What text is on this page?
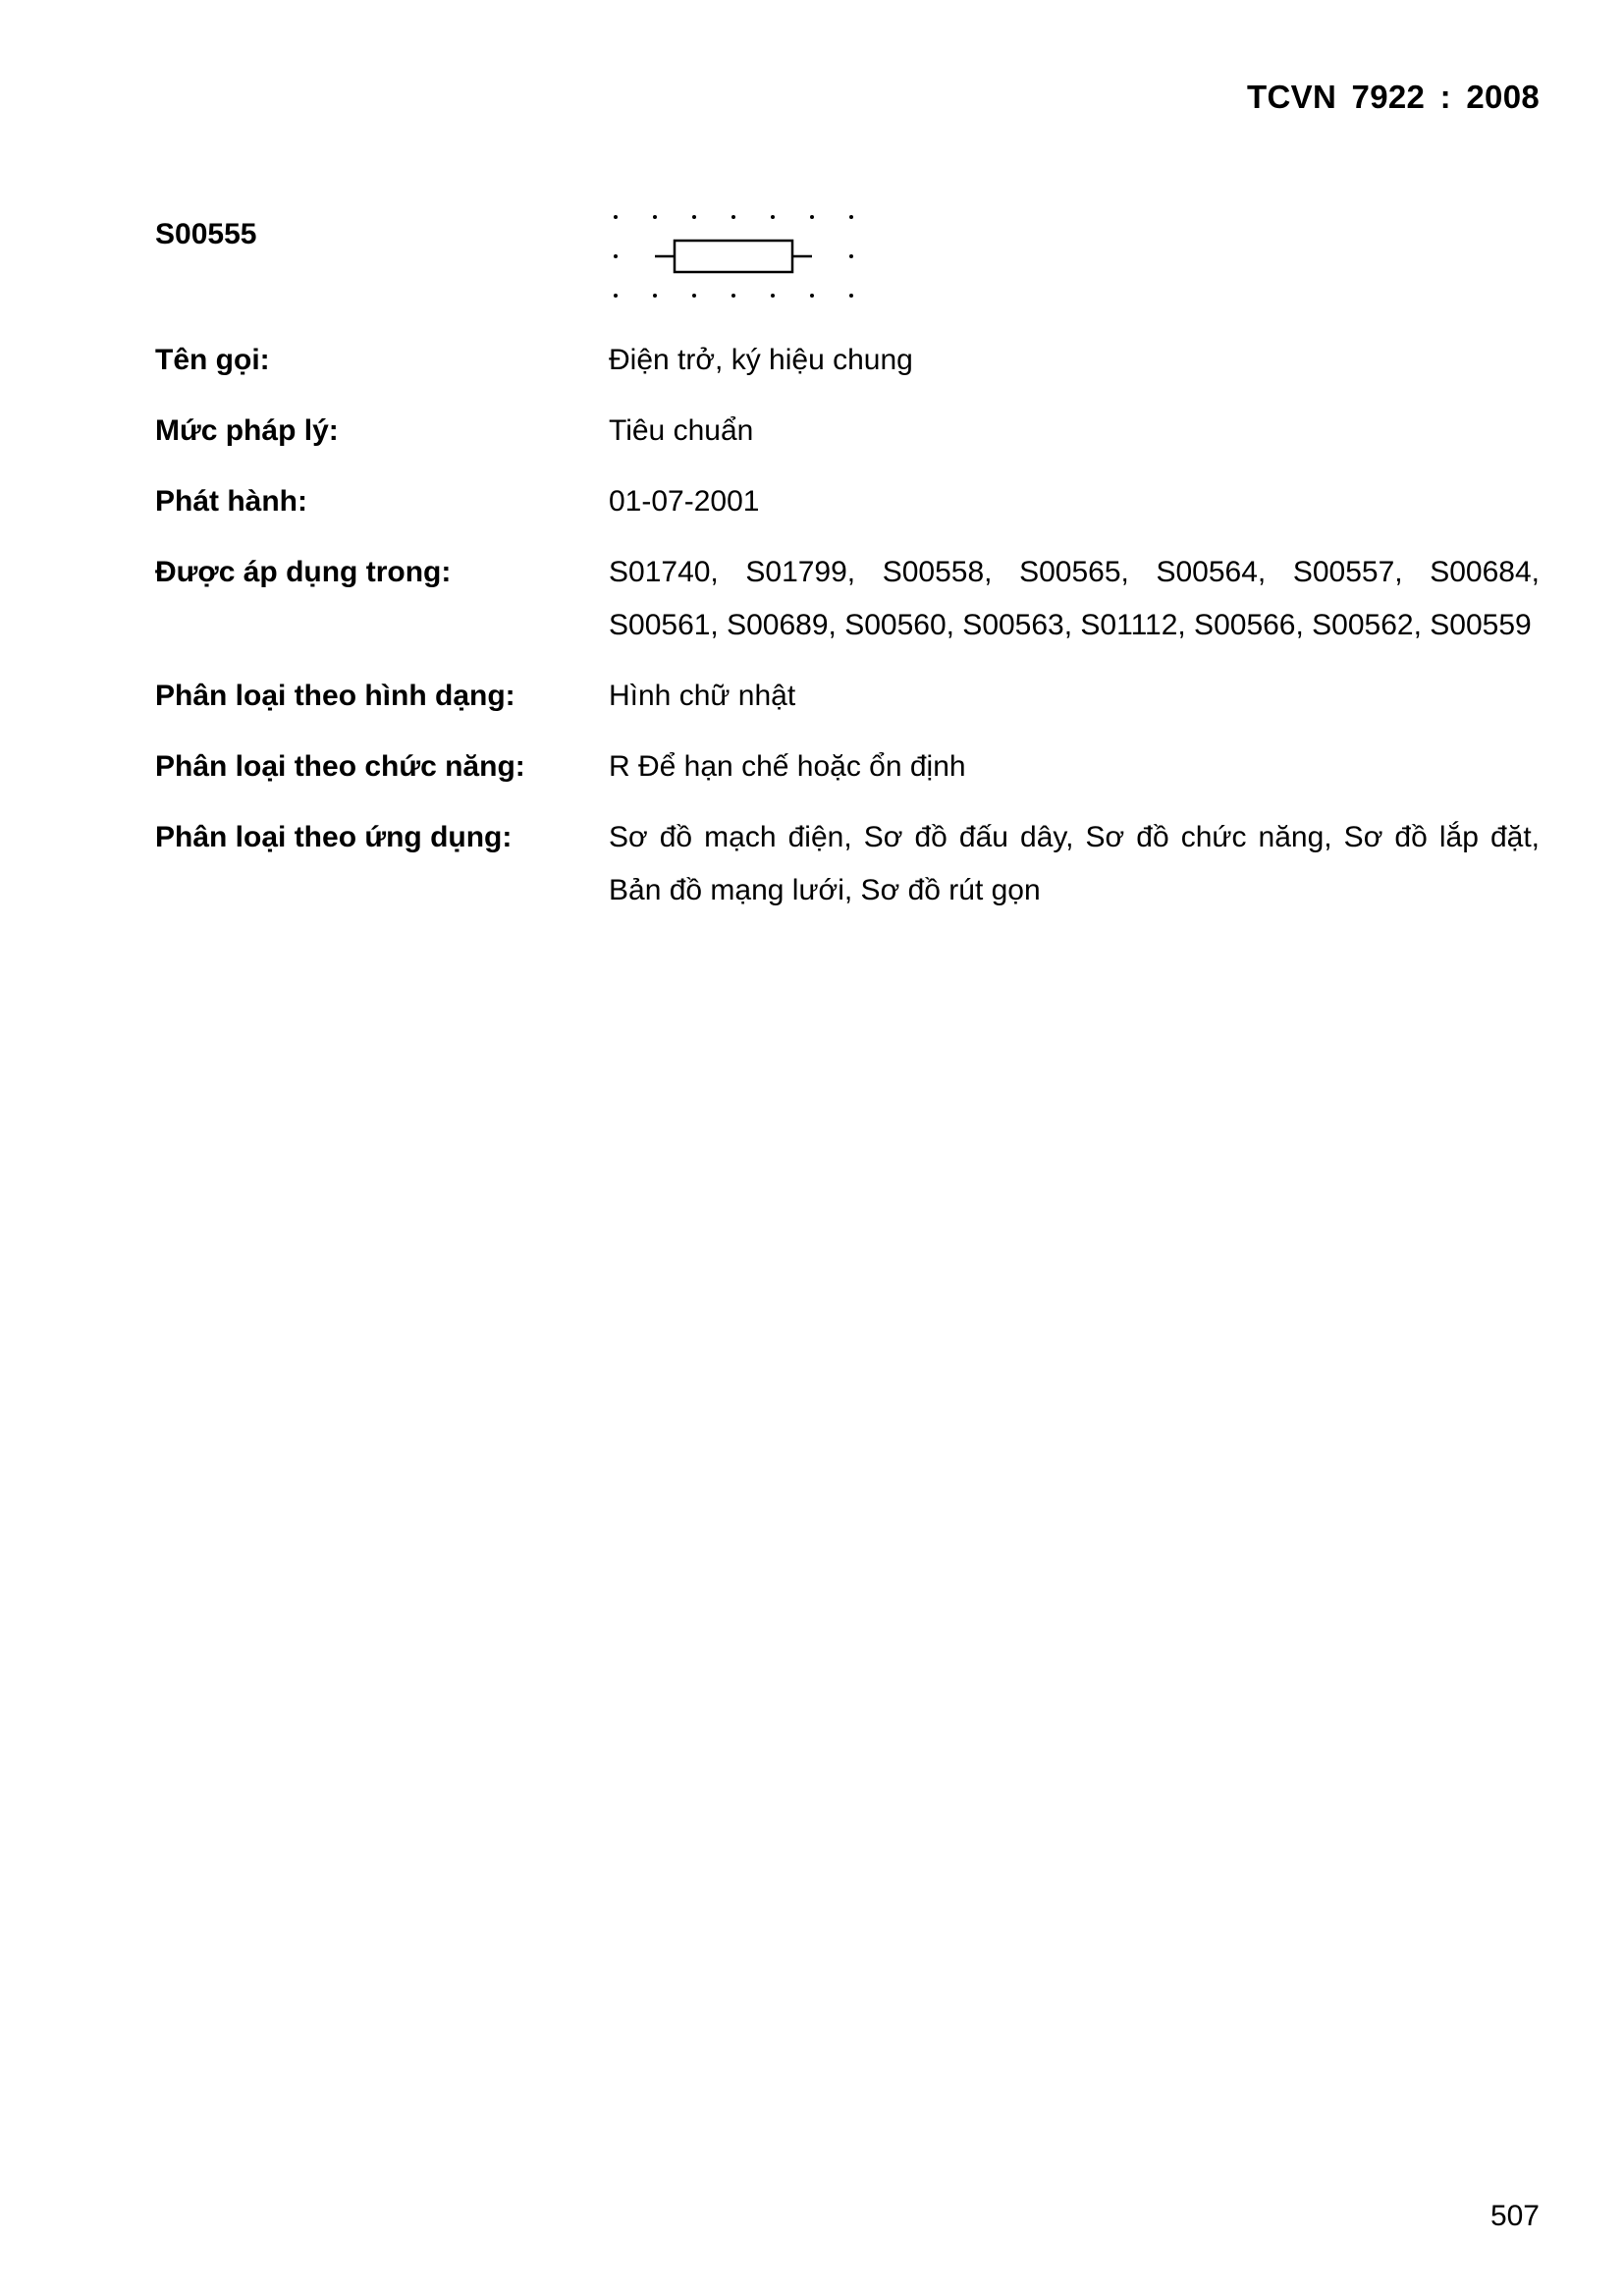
TCVN 7922 : 2008
S00555
Tên gọi:	Điện trở, ký hiệu chung
Mức pháp lý:	Tiêu chuẩn
Phát hành:	01-07-2001
Được áp dụng trong:	S01740, S01799, S00558, S00565, S00564, S00557, S00684, S00561, S00689, S00560, S00563, S01112, S00566, S00562, S00559
Phân loại theo hình dạng:	Hình chữ nhật
Phân loại theo chức năng:	R Để hạn chế hoặc ổn định
Phân loại theo ứng dụng:	Sơ đồ mạch điện, Sơ đồ đấu dây, Sơ đồ chức năng, Sơ đồ lắp đặt, Bản đồ mạng lưới, Sơ đồ rút gọn
507
